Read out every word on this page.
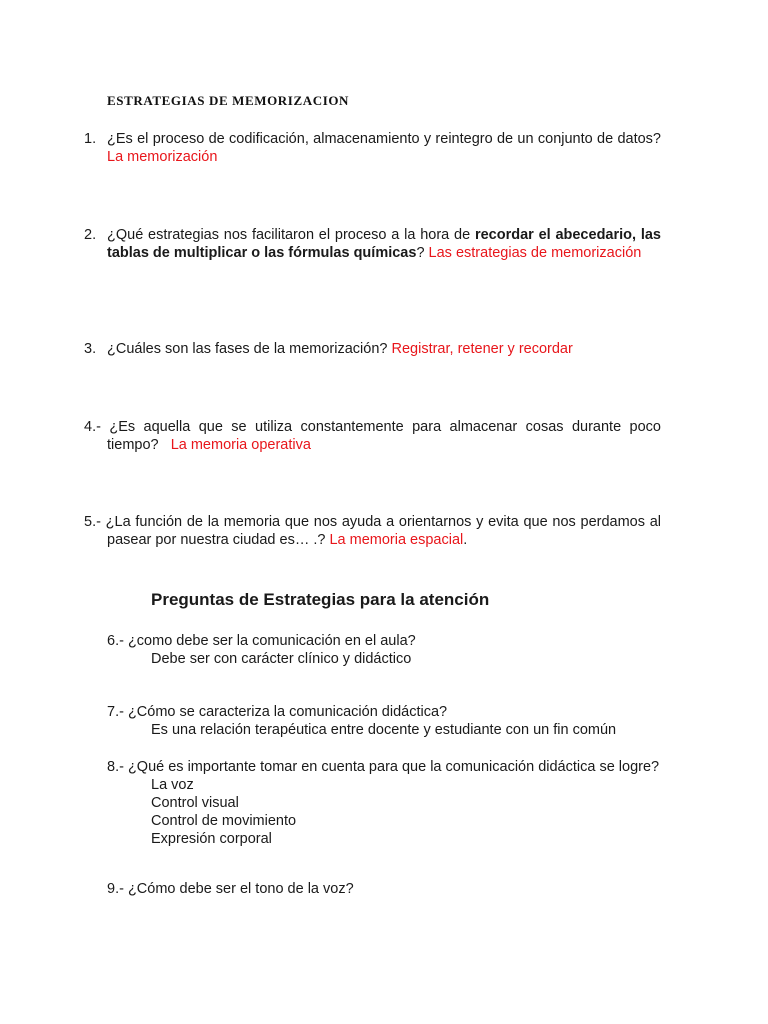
ESTRATEGIAS DE MEMORIZACION
1. ¿Es el proceso de codificación, almacenamiento y reintegro de un conjunto de datos? La memorización
2. ¿Qué estrategias nos facilitaron el proceso a la hora de recordar el abecedario, las tablas de multiplicar o las fórmulas químicas? Las estrategias de memorización
3. ¿Cuáles son las fases de la memorización? Registrar, retener y recordar
4.- ¿Es aquella que se utiliza constantemente para almacenar cosas durante poco tiempo? La memoria operativa
5.- ¿La función de la memoria que nos ayuda a orientarnos y evita que nos perdamos al pasear por nuestra ciudad es… .? La memoria espacial.
Preguntas de Estrategias para la atención
6.- ¿como debe ser la comunicación en el aula?
Debe ser con carácter clínico y didáctico
7.- ¿Cómo se caracteriza la comunicación didáctica?
Es una relación terapéutica entre docente y estudiante con un fin común
8.- ¿Qué es importante tomar en cuenta para que la comunicación didáctica se logre?
La voz
Control visual
Control de movimiento
Expresión corporal
9.- ¿Cómo debe ser el tono de la voz?
